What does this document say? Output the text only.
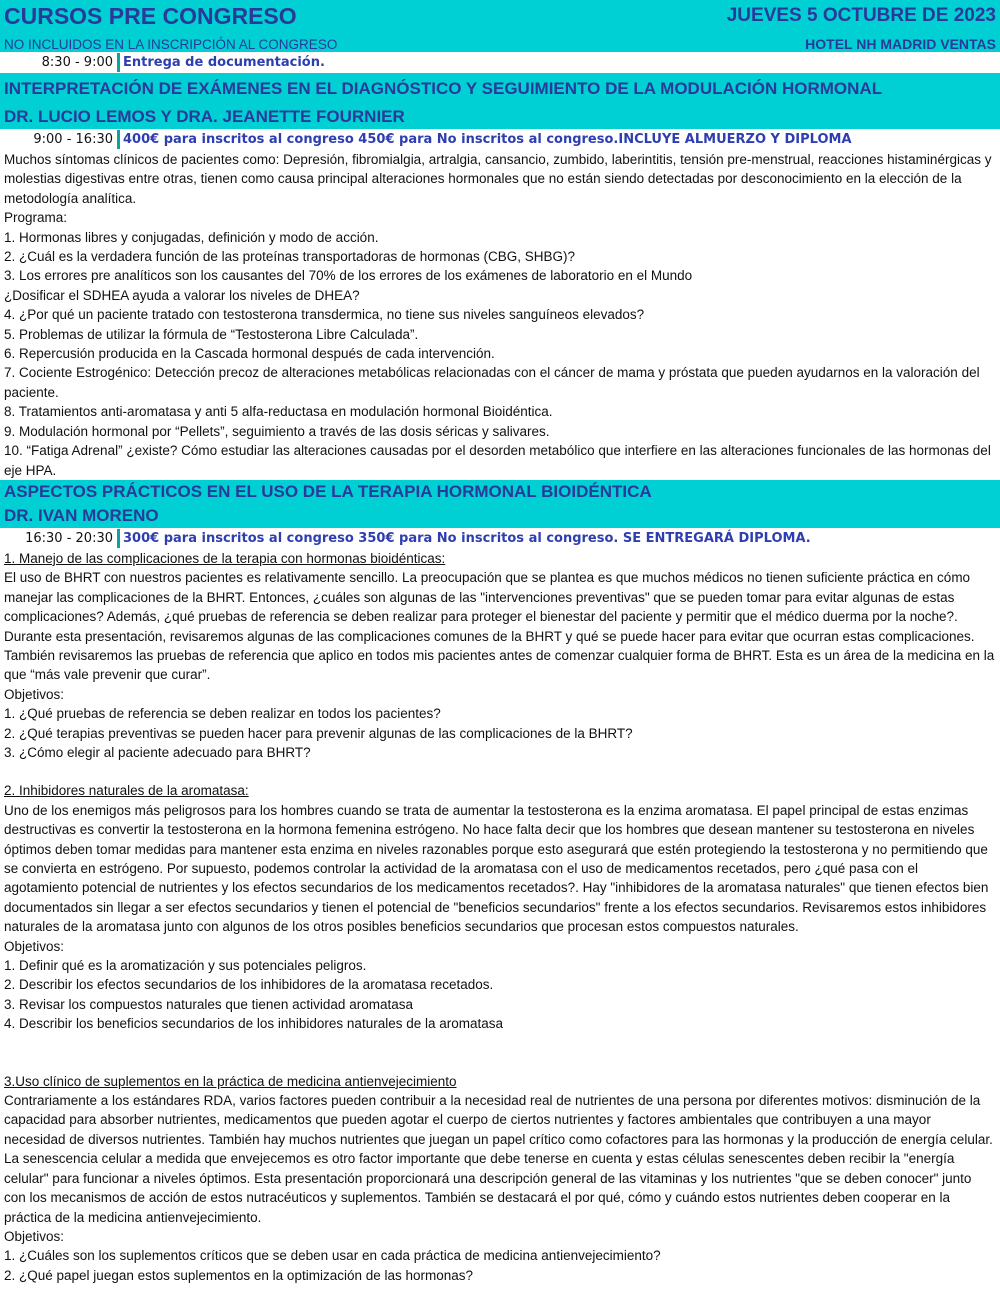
CURSOS PRE CONGRESO	JUEVES 5 OCTUBRE DE 2023
NO INCLUIDOS EN LA INSCRIPCIÓN AL CONGRESO	HOTEL NH MADRID VENTAS
8:30 - 9:00 Entrega de documentación.
INTERPRETACIÓN DE EXÁMENES EN EL DIAGNÓSTICO Y SEGUIMIENTO DE LA MODULACIÓN HORMONAL
DR. LUCIO LEMOS Y DRA. JEANETTE FOURNIER
9:00 - 16:30 400€ para inscritos al congreso 450€ para No inscritos al congreso.INCLUYE ALMUERZO Y DIPLOMA

Muchos síntomas clínicos de pacientes como: Depresión, fibromialgia, artralgia, cansancio, zumbido, laberintitis, tensión pre-menstrual, reacciones histaminérgicas y molestias digestivas entre otras, tienen como causa principal alteraciones hormonales que no están siendo detectadas por desconocimiento en la elección de la metodología analítica.

Programa:

1. Hormonas libres y conjugadas, definición y modo de acción.

2. ¿Cuál es la verdadera función de las proteínas transportadoras de hormonas (CBG, SHBG)?

3. Los errores pre analíticos son los causantes del 70% de los errores de los exámenes de laboratorio en el Mundo

¿Dosificar el SDHEA ayuda a valorar los niveles de DHEA?

4. ¿Por qué un paciente tratado con testosterona transdermica, no tiene sus niveles sanguíneos elevados?

5. Problemas de utilizar la fórmula de “Testosterona Libre Calculada”.

6. Repercusión producida en la Cascada hormonal después de cada intervención.

7. Cociente Estrogénico: Detección precoz de alteraciones metabólicas relacionadas con el cáncer de mama y próstata que pueden ayudarnos en la valoración del paciente.

8. Tratamientos anti-aromatasa y anti 5 alfa-reductasa en modulación hormonal Bioidéntica.

9. Modulación hormonal por “Pellets”, seguimiento a través de las dosis séricas y salivares.

10. “Fatiga Adrenal” ¿existe? Cómo estudiar las alteraciones causadas por el desorden metabólico que interfiere en las alteraciones funcionales de las hormonas del eje HPA.

ASPECTOS PRÁCTICOS EN EL USO DE LA TERAPIA HORMONAL BIOIDÉNTICA
DR. IVAN MORENO
16:30 - 20:30 300€ para inscritos al congreso 350€ para No inscritos al congreso. SE ENTREGARÁ DIPLOMA.

1. Manejo de las complicaciones de la terapia con hormonas bioidénticas:

El uso de BHRT con nuestros pacientes es relativamente sencillo. La preocupación que se plantea es que muchos médicos no tienen suficiente práctica en cómo manejar las complicaciones de la BHRT. Entonces, ¿cuáles son algunas de las "intervenciones preventivas" que se pueden tomar para evitar algunas de estas complicaciones? Además, ¿qué pruebas de referencia se deben realizar para proteger el bienestar del paciente y permitir que el médico duerma por la noche?. Durante esta presentación, revisaremos algunas de las complicaciones comunes de la BHRT y qué se puede hacer para evitar que ocurran estas complicaciones. También revisaremos las pruebas de referencia que aplico en todos mis pacientes antes de comenzar cualquier forma de BHRT. Esta es un área de la medicina en la que “más vale prevenir que curar”.

Objetivos:

1. ¿Qué pruebas de referencia se deben realizar en todos los pacientes?

2. ¿Qué terapias preventivas se pueden hacer para prevenir algunas de las complicaciones de la BHRT?

3. ¿Cómo elegir al paciente adecuado para BHRT?

2. Inhibidores naturales de la aromatasa:

Uno de los enemigos más peligrosos para los hombres cuando se trata de aumentar la testosterona es la enzima aromatasa. El papel principal de estas enzimas destructivas es convertir la testosterona en la hormona femenina estrógeno. No hace falta decir que los hombres que desean mantener su testosterona en niveles óptimos deben tomar medidas para mantener esta enzima en niveles razonables porque esto asegurará que estén protegiendo la testosterona y no permitiendo que se convierta en estrógeno. Por supuesto, podemos controlar la actividad de la aromatasa con el uso de medicamentos recetados, pero ¿qué pasa con el agotamiento potencial de nutrientes y los efectos secundarios de los medicamentos recetados?. Hay "inhibidores de la aromatasa naturales" que tienen efectos bien documentados sin llegar a ser efectos secundarios y tienen el potencial de "beneficios secundarios" frente a los efectos secundarios. Revisaremos estos inhibidores naturales de la aromatasa junto con algunos de los otros posibles beneficios secundarios que procesan estos compuestos naturales.

Objetivos:

1. Definir qué es la aromatización y sus potenciales peligros.

2. Describir los efectos secundarios de los inhibidores de la aromatasa recetados.

3. Revisar los compuestos naturales que tienen actividad aromatasa

4. Describir los beneficios secundarios de los inhibidores naturales de la aromatasa

3.Uso clínico de suplementos en la práctica de medicina antienvejecimiento

Contrariamente a los estándares RDA, varios factores pueden contribuir a la necesidad real de nutrientes de una persona por diferentes motivos: disminución de la capacidad para absorber nutrientes, medicamentos que pueden agotar el cuerpo de ciertos nutrientes y factores ambientales que contribuyen a una mayor necesidad de diversos nutrientes. También hay muchos nutrientes que juegan un papel crítico como cofactores para las hormonas y la producción de energía celular. La senescencia celular a medida que envejecemos es otro factor importante que debe tenerse en cuenta y estas células senescentes deben recibir la "energía celular" para funcionar a niveles óptimos. Esta presentación proporcionará una descripción general de las vitaminas y los nutrientes "que se deben conocer" junto con los mecanismos de acción de estos nutracéuticos y suplementos. También se destacará el por qué, cómo y cuándo estos nutrientes deben cooperar en la práctica de la medicina antienvejecimiento.

Objetivos:

1. ¿Cuáles son los suplementos críticos que se deben usar en cada práctica de medicina antienvejecimiento?

2. ¿Qué papel juegan estos suplementos en la optimización de las hormonas?
